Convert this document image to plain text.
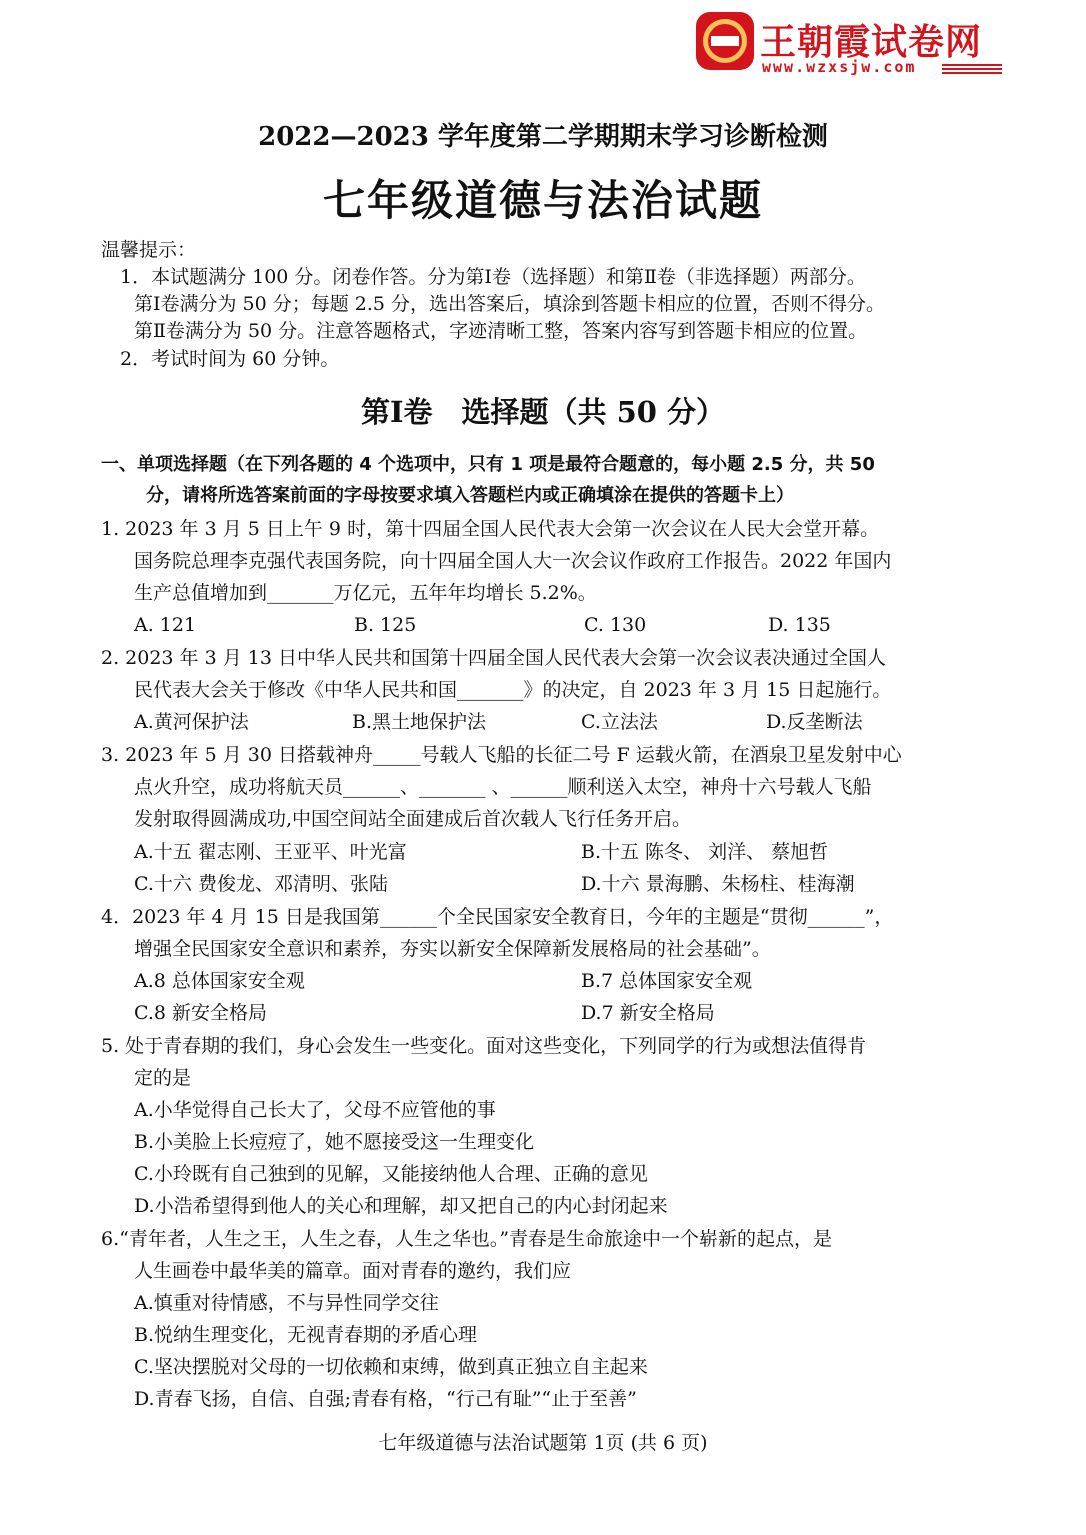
王朝霞试卷网
www.wzxsjw.com
2022—2023 学年度第二学期期末学习诊断检测
七年级道德与法治试题
温馨提示：
1．本试题满分 100 分。闭卷作答。分为第Ⅰ卷（选择题）和第Ⅱ卷（非选择题）两部分。
第Ⅰ卷满分为 50 分；每题 2.5 分，选出答案后，填涂到答题卡相应的位置，否则不得分。
第Ⅱ卷满分为 50 分。注意答题格式，字迹清晰工整，答案内容写到答题卡相应的位置。
2．考试时间为 60 分钟。
第Ⅰ卷　选择题（共 50 分）
一、单项选择题（在下列各题的 4 个选项中，只有 1 项是最符合题意的，每小题 2.5 分，共 50
分，请将所选答案前面的字母按要求填入答题栏内或正确填涂在提供的答题卡上）
1. 2023 年 3 月 5 日上午 9 时，第十四届全国人民代表大会第一次会议在人民大会堂开幕。
国务院总理李克强代表国务院，向十四届全国人大一次会议作政府工作报告。2022 年国内
生产总值增加到_______万亿元，五年年均增长 5.2%。
A. 121	B. 125	C. 130	D. 135
2. 2023 年 3 月 13 日中华人民共和国第十四届全国人民代表大会第一次会议表决通过全国人
民代表大会关于修改《中华人民共和国_______》的决定，自 2023 年 3 月 15 日起施行。
A.黄河保护法	B.黑土地保护法	C.立法法	D.反垄断法
3. 2023 年 5 月 30 日搭载神舟_____号载人飞船的长征二号 F 运载火箭，在酒泉卫星发射中心
点火升空，成功将航天员______、_______ 、______顺利送入太空，神舟十六号载人飞船
发射取得圆满成功,中国空间站全面建成后首次载人飞行任务开启。
A.十五 翟志刚、王亚平、叶光富	B.十五 陈冬、 刘洋、 蔡旭哲
C.十六 费俊龙、邓清明、张陆	D.十六 景海鹏、朱杨柱、桂海潮
4．2023 年 4 月 15 日是我国第______个全民国家安全教育日，今年的主题是“贯彻______”，
增强全民国家安全意识和素养，夯实以新安全保障新发展格局的社会基础”。
A.8 总体国家安全观	B.7 总体国家安全观
C.8 新安全格局	D.7 新安全格局
5. 处于青春期的我们，身心会发生一些变化。面对这些变化，下列同学的行为或想法值得肯
定的是
A.小华觉得自己长大了，父母不应管他的事
B.小美脸上长痘痘了，她不愿接受这一生理变化
C.小玲既有自己独到的见解，又能接纳他人合理、正确的意见
D.小浩希望得到他人的关心和理解，却又把自己的内心封闭起来
6.“青年者，人生之王，人生之春，人生之华也。”青春是生命旅途中一个崭新的起点，是
人生画卷中最华美的篇章。面对青春的邀约，我们应
A.慎重对待情感，不与异性同学交往
B.悦纳生理变化，无视青春期的矛盾心理
C.坚决摆脱对父母的一切依赖和束缚，做到真正独立自主起来
D.青春飞扬，自信、自强;青春有格，“行己有耻”“止于至善”
七年级道德与法治试题第 1页 (共 6 页)
